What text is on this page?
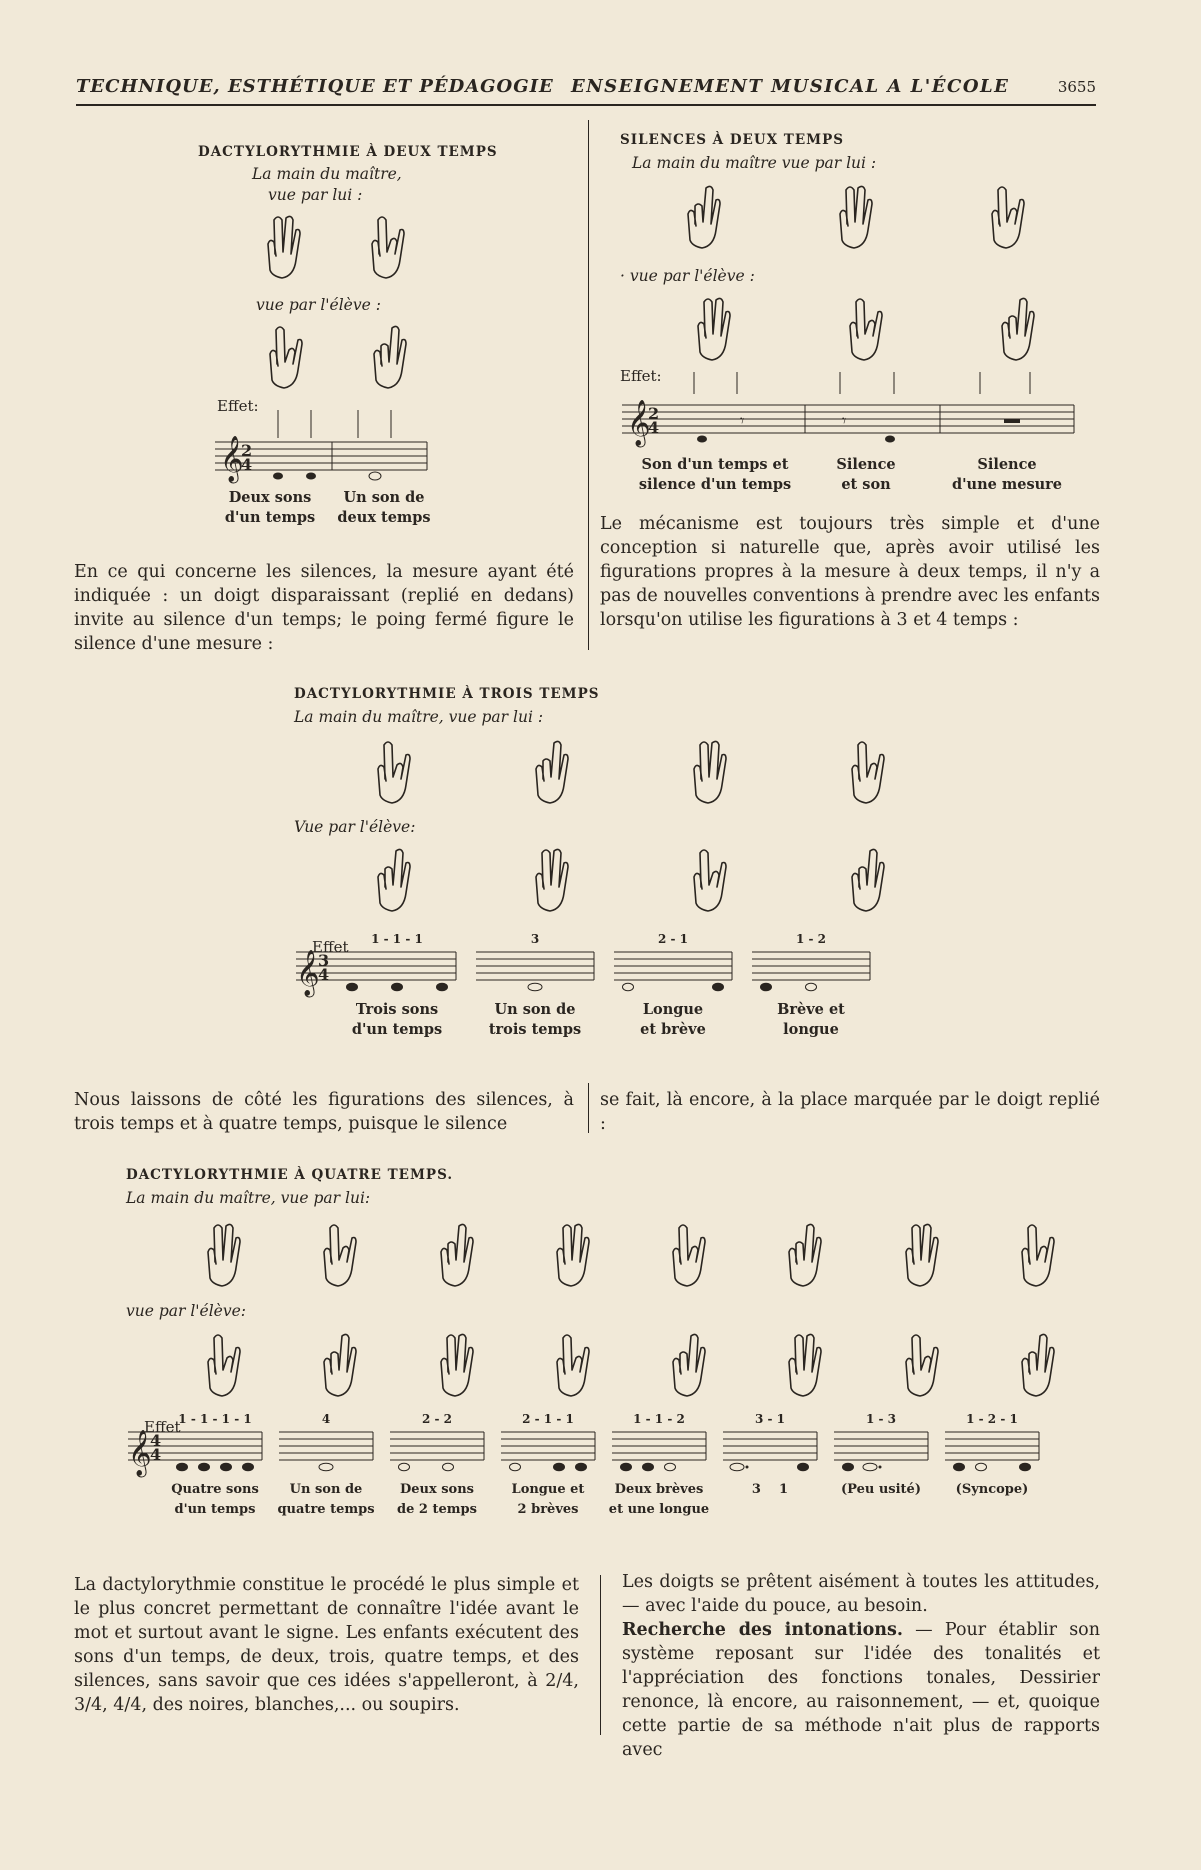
TECHNIQUE, ESTHÉTIQUE ET PÉDAGOGIE ENSEIGNEMENT MUSICAL A L'ÉCOLE	3655
DACTYLORYTHMIE À DEUX TEMPS
La main du maître,
vue par lui :
vue par l'élève :
Effet:
𝄞
2
4
Deux sons
d'un temps
Un son de
deux temps
SILENCES À DEUX TEMPS
La main du maître vue par lui :
· vue par l'élève :
Effet:
𝄞
2
4	𝄾	𝄾
Son d'un temps et
silence d'un temps
Silence
et son
Silence
d'une mesure
En ce qui concerne les silences, la mesure ayant été indiquée : un doigt disparaissant (replié en dedans) invite au silence d'un temps; le poing fermé figure le silence d'une mesure :
Le mécanisme est toujours très simple et d'une conception si naturelle que, après avoir utilisé les figurations propres à la mesure à deux temps, il n'y a pas de nouvelles conventions à prendre avec les enfants lorsqu'on utilise les figurations à 3 et 4 temps :
DACTYLORYTHMIE À TROIS TEMPS
La main du maître, vue par lui :
Vue par l'élève:
Effet	1 - 1 - 1
Trois sons
d'un temps
3
Un son de
trois temps
2 - 1
Longue
et brève
1 - 2
Brève et
longue
𝄞
3
4
Nous laissons de côté les figurations des silences, à trois temps et à quatre temps, puisque le silence
se fait, là encore, à la place marquée par le doigt replié :
DACTYLORYTHMIE À QUATRE TEMPS.
La main du maître, vue par lui:
vue par l'élève:
Effet
1 - 1 - 1 - 1
Quatre sons
d'un temps
4
Un son de
quatre temps
2 - 2
Deux sons
de 2 temps
2 - 1 - 1
Longue et
2 brèves
1 - 1 - 2
Deux brèves
et une longue
3 - 1
3    1
1 - 3
(Peu usité)
1 - 2 - 1
(Syncope)
𝄞
4
4
La dactylorythmie constitue le procédé le plus simple et le plus concret permettant de connaître l'idée avant le mot et surtout avant le signe. Les enfants exécutent des sons d'un temps, de deux, trois, quatre temps, et des silences, sans savoir que ces idées s'appelleront, à 2/4, 3/4, 4/4, des noires, blanches,... ou soupirs.
Les doigts se prêtent aisément à toutes les attitudes, — avec l'aide du pouce, au besoin.
Recherche des intonations. — Pour établir son système reposant sur l'idée des tonalités et l'appréciation des fonctions tonales, Dessirier renonce, là encore, au raisonnement, — et, quoique cette partie de sa méthode n'ait plus de rapports avec
